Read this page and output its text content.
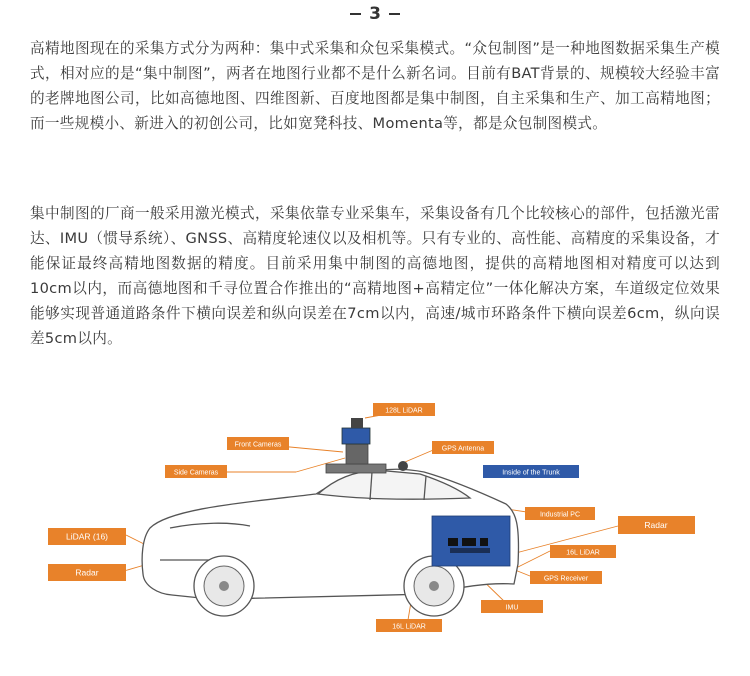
3

高精地图现在的采集方式分为两种：集中式采集和众包采集模式。“众包制图”是一种地图数据采集生产模式，相对应的是“集中制图”，两者在地图行业都不是什么新名词。目前有BAT背景的、规模较大经验丰富的老牌地图公司，比如高德地图、四维图新、百度地图都是集中制图，自主采集和生产、加工高精地图；而一些规模小、新进入的初创公司，比如宽凳科技、Momenta等，都是众包制图模式。

集中制图的厂商一般采用激光模式，采集依靠专业采集车，采集设备有几个比较核心的部件，包括激光雷达、IMU（惯导系统）、GNSS、高精度轮速仪以及相机等。只有专业的、高性能、高精度的采集设备，才能保证最终高精地图数据的精度。目前采用集中制图的高德地图，提供的高精地图相对精度可以达到10cm以内，而高德地图和千寻位置合作推出的“高精地图+高精定位”一体化解决方案，车道级定位效果能够实现普通道路条件下横向误差和纵向误差在7cm以内，高速/城市环路条件下横向误差6cm，纵向误差5cm以内。

128L LiDAR
Front Cameras
GPS Antenna
Side Cameras	Inside of the Trunk
Industrial PC
Radar
LiDAR (16)
Radar
16L LiDAR
GPS Receiver
IMU
16L LiDAR
